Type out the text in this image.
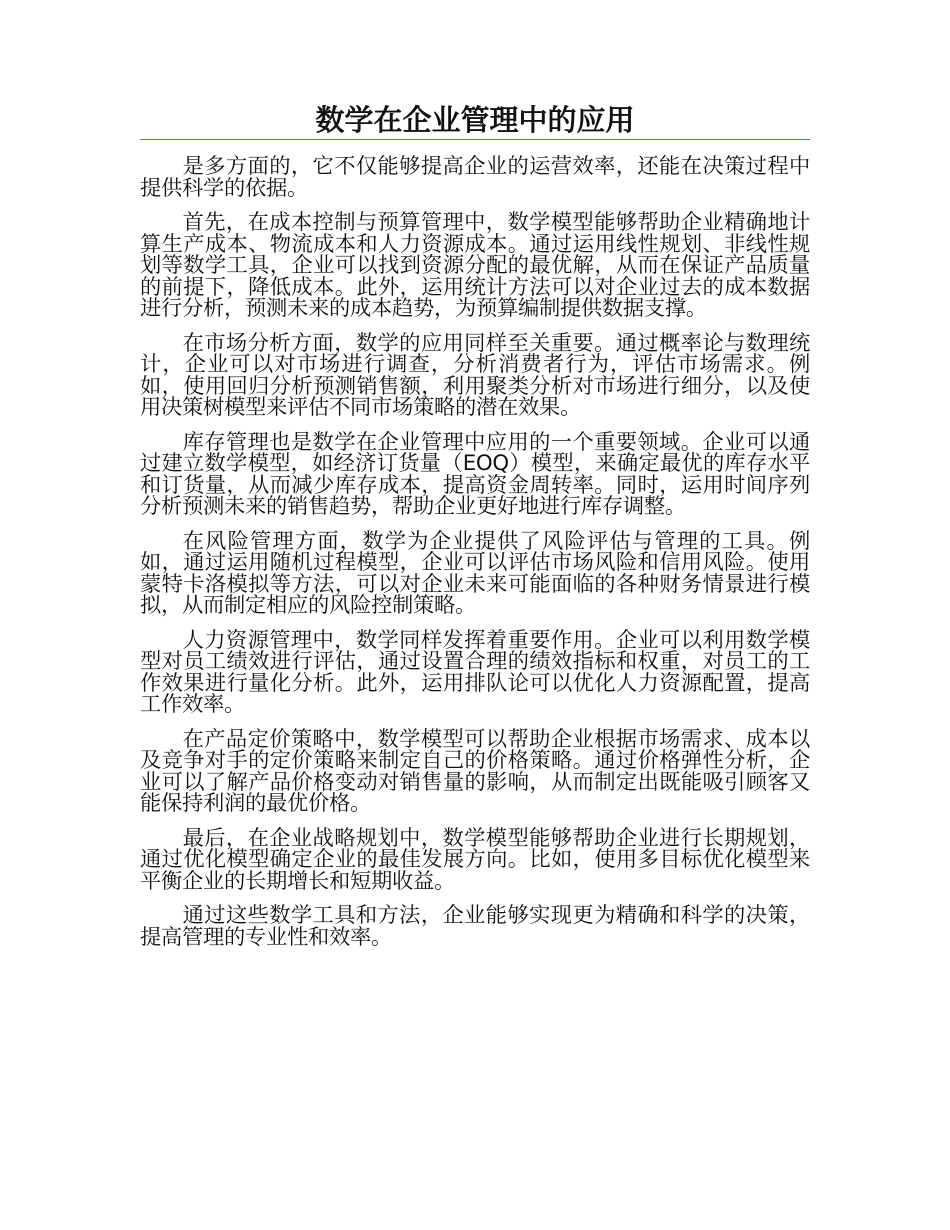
数学在企业管理中的应用

是多方面的，它不仅能够提高企业的运营效率，还能在决策过程中提供科学的依据。

首先，在成本控制与预算管理中，数学模型能够帮助企业精确地计算生产成本、物流成本和人力资源成本。通过运用线性规划、非线性规划等数学工具，企业可以找到资源分配的最优解，从而在保证产品质量的前提下，降低成本。此外，运用统计方法可以对企业过去的成本数据进行分析，预测未来的成本趋势，为预算编制提供数据支撑。

在市场分析方面，数学的应用同样至关重要。通过概率论与数理统计，企业可以对市场进行调查，分析消费者行为，评估市场需求。例如，使用回归分析预测销售额，利用聚类分析对市场进行细分，以及使用决策树模型来评估不同市场策略的潜在效果。

库存管理也是数学在企业管理中应用的一个重要领域。企业可以通过建立数学模型，如经济订货量（EOQ）模型，来确定最优的库存水平和订货量，从而减少库存成本，提高资金周转率。同时，运用时间序列分析预测未来的销售趋势，帮助企业更好地进行库存调整。

在风险管理方面，数学为企业提供了风险评估与管理的工具。例如，通过运用随机过程模型，企业可以评估市场风险和信用风险。使用蒙特卡洛模拟等方法，可以对企业未来可能面临的各种财务情景进行模拟，从而制定相应的风险控制策略。

人力资源管理中，数学同样发挥着重要作用。企业可以利用数学模型对员工绩效进行评估，通过设置合理的绩效指标和权重，对员工的工作效果进行量化分析。此外，运用排队论可以优化人力资源配置，提高工作效率。

在产品定价策略中，数学模型可以帮助企业根据市场需求、成本以及竞争对手的定价策略来制定自己的价格策略。通过价格弹性分析，企业可以了解产品价格变动对销售量的影响，从而制定出既能吸引顾客又能保持利润的最优价格。

最后，在企业战略规划中，数学模型能够帮助企业进行长期规划，通过优化模型确定企业的最佳发展方向。比如，使用多目标优化模型来平衡企业的长期增长和短期收益。

通过这些数学工具和方法，企业能够实现更为精确和科学的决策，提高管理的专业性和效率。
